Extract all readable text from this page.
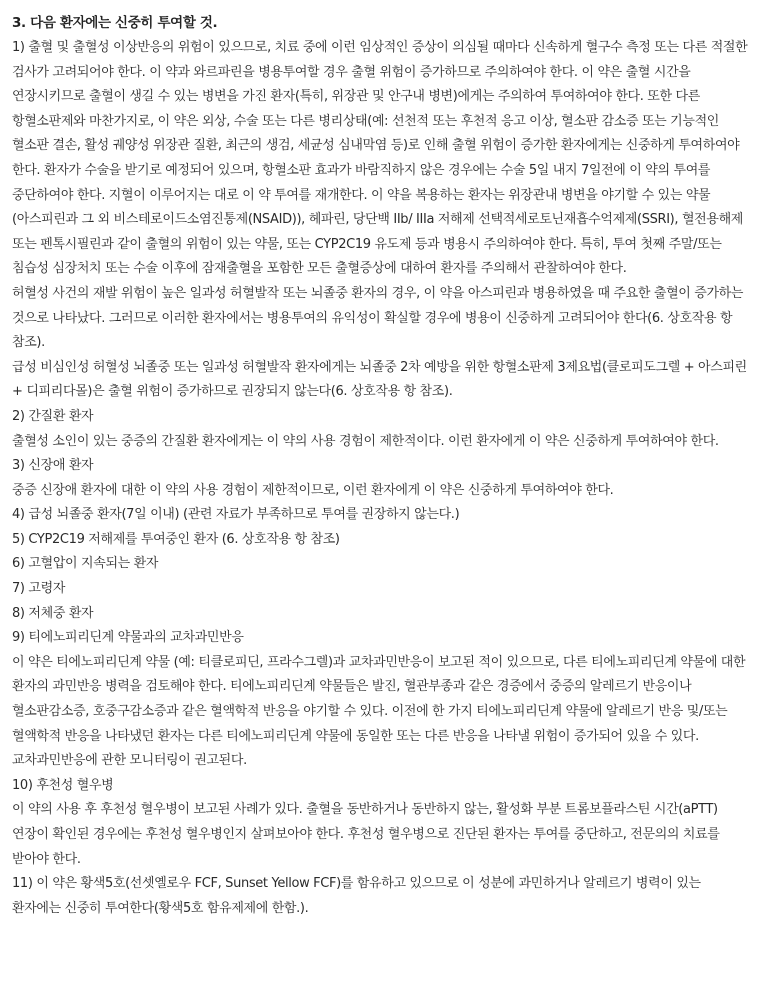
3. 다음 환자에는 신중히 투여할 것.

1) 출혈 및 출혈성 이상반응의 위험이 있으므로, 치료 중에 이런 임상적인 증상이 의심될 때마다 신속하게 혈구수 측정 또는 다른 적절한 검사가 고려되어야 한다. 이 약과 와르파린을 병용투여할 경우 출혈 위험이 증가하므로 주의하여야 한다. 이 약은 출혈 시간을 연장시키므로 출혈이 생길 수 있는 병변을 가진 환자(특히, 위장관 및 안구내 병변)에게는 주의하여 투여하여야 한다. 또한 다른 항혈소판제와 마찬가지로, 이 약은 외상, 수술 또는 다른 병리상태(예: 선천적 또는 후천적 응고 이상, 혈소판 감소증 또는 기능적인 혈소판 결손, 활성 궤양성 위장관 질환, 최근의 생검, 세균성 심내막염 등)로 인해 출혈 위험이 증가한 환자에게는 신중하게 투여하여야 한다. 환자가 수술을 받기로 예정되어 있으며, 항혈소판 효과가 바람직하지 않은 경우에는 수술 5일 내지 7일전에 이 약의 투여를 중단하여야 한다. 지혈이 이루어지는 대로 이 약 투여를 재개한다. 이 약을 복용하는 환자는 위장관내 병변을 야기할 수 있는 약물(아스피린과 그 외 비스테로이드소염진통제(NSAID)), 헤파린, 당단백 IIb/ IIIa 저해제 선택적세로토닌재흡수억제제(SSRI), 혈전용해제 또는 펜톡시필린과 같이 출혈의 위험이 있는 약물, 또는 CYP2C19 유도제 등과 병용시 주의하여야 한다. 특히, 투여 첫째 주말/또는 침습성 심장처치 또는 수술 이후에 잠재출혈을 포함한 모든 출혈증상에 대하여 환자를 주의해서 관찰하여야 한다.

허혈성 사건의 재발 위험이 높은 일과성 허혈발작 또는 뇌졸중 환자의 경우, 이 약을 아스피린과 병용하였을 때 주요한 출혈이 증가하는 것으로 나타났다. 그러므로 이러한 환자에서는 병용투여의 유익성이 확실할 경우에 병용이 신중하게 고려되어야 한다(6. 상호작용 항 참조).

급성 비심인성 허혈성 뇌졸중 또는 일과성 허혈발작 환자에게는 뇌졸중 2차 예방을 위한 항혈소판제 3제요법(클로피도그렐 + 아스피린 + 디피리다몰)은 출혈 위험이 증가하므로 권장되지 않는다(6. 상호작용 항 참조).

2) 간질환 환자

출혈성 소인이 있는 중증의 간질환 환자에게는 이 약의 사용 경험이 제한적이다. 이런 환자에게 이 약은 신중하게 투여하여야 한다.

3) 신장애 환자

중증 신장애 환자에 대한 이 약의 사용 경험이 제한적이므로, 이런 환자에게 이 약은 신중하게 투여하여야 한다.

4) 급성 뇌졸중 환자(7일 이내) (관련 자료가 부족하므로 투여를 권장하지 않는다.)

5) CYP2C19 저해제를 투여중인 환자 (6. 상호작용 항 참조)

6) 고혈압이 지속되는 환자

7) 고령자

8) 저체중 환자

9) 티에노피리딘계 약물과의 교차과민반응

이 약은 티에노피리딘계 약물 (예: 티클로피딘, 프라수그렐)과 교차과민반응이 보고된 적이 있으므로, 다른 티에노피리딘계 약물에 대한 환자의 과민반응 병력을 검토해야 한다. 티에노피리딘계 약물들은 발진, 혈관부종과 같은 경증에서 중증의 알레르기 반응이나 혈소판감소증, 호중구감소증과 같은 혈액학적 반응을 야기할 수 있다. 이전에 한 가지 티에노피리딘계 약물에 알레르기 반응 및/또는 혈액학적 반응을 나타냈던 환자는 다른 티에노피리딘계 약물에 동일한 또는 다른 반응을 나타낼 위험이 증가되어 있을 수 있다. 교차과민반응에 관한 모니터링이 권고된다.

10) 후천성 혈우병

이 약의 사용 후 후천성 혈우병이 보고된 사례가 있다. 출혈을 동반하거나 동반하지 않는, 활성화 부분 트롬보플라스틴 시간(aPTT) 연장이 확인된 경우에는 후천성 혈우병인지 살펴보아야 한다. 후천성 혈우병으로 진단된 환자는 투여를 중단하고, 전문의의 치료를 받아야 한다.

11) 이 약은 황색5호(선셋옐로우 FCF, Sunset Yellow FCF)를 함유하고 있으므로 이 성분에 과민하거나 알레르기 병력이 있는 환자에는 신중히 투여한다(황색5호 함유제제에 한함.).
